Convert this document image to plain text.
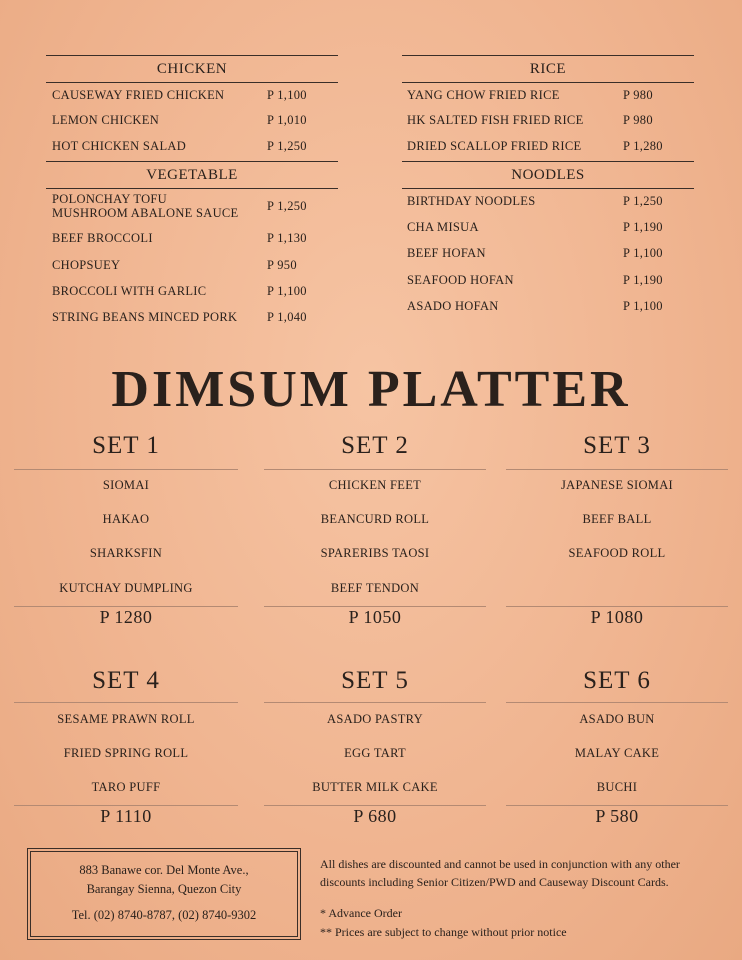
CHICKEN
CAUSEWAY FRIED CHICKEN	P 1,100
LEMON CHICKEN	P 1,010
HOT CHICKEN SALAD	P 1,250
VEGETABLE
POLONCHAY TOFU
MUSHROOM ABALONE SAUCE P 1,250
BEEF BROCCOLI	P 1,130
CHOPSUEY	P 950
BROCCOLI WITH GARLIC	P 1,100
STRING BEANS MINCED PORK P 1,040
RICE
YANG CHOW FRIED RICE	P 980
HK SALTED FISH FRIED RICE	P 980
DRIED SCALLOP FRIED RICE	P 1,280
NOODLES
BIRTHDAY NOODLES	P 1,250
CHA MISUA	P 1,190
BEEF HOFAN	P 1,100
SEAFOOD HOFAN	P 1,190
ASADO HOFAN	P 1,100
DIMSUM PLATTER
SET 1
SIOMAI
HAKAO
SHARKSFIN
KUTCHAY DUMPLING
P 1280
SET 2
CHICKEN FEET
BEANCURD ROLL
SPARERIBS TAOSI
BEEF TENDON
P 1050
SET 3
JAPANESE SIOMAI
BEEF BALL
SEAFOOD ROLL
P 1080
SET 4
SESAME PRAWN ROLL
FRIED SPRING ROLL
TARO PUFF
P 1110
SET 5
ASADO PASTRY
EGG TART
BUTTER MILK CAKE
P 680
SET 6
ASADO BUN
MALAY CAKE
BUCHI
P 580
883 Banawe cor. Del Monte Ave.,
Barangay Sienna, Quezon City
Tel. (02) 8740-8787, (02) 8740-9302
All dishes are discounted and cannot be used in conjunction with any other
discounts including Senior Citizen/PWD and Causeway Discount Cards.
* Advance Order
** Prices are subject to change without prior notice
